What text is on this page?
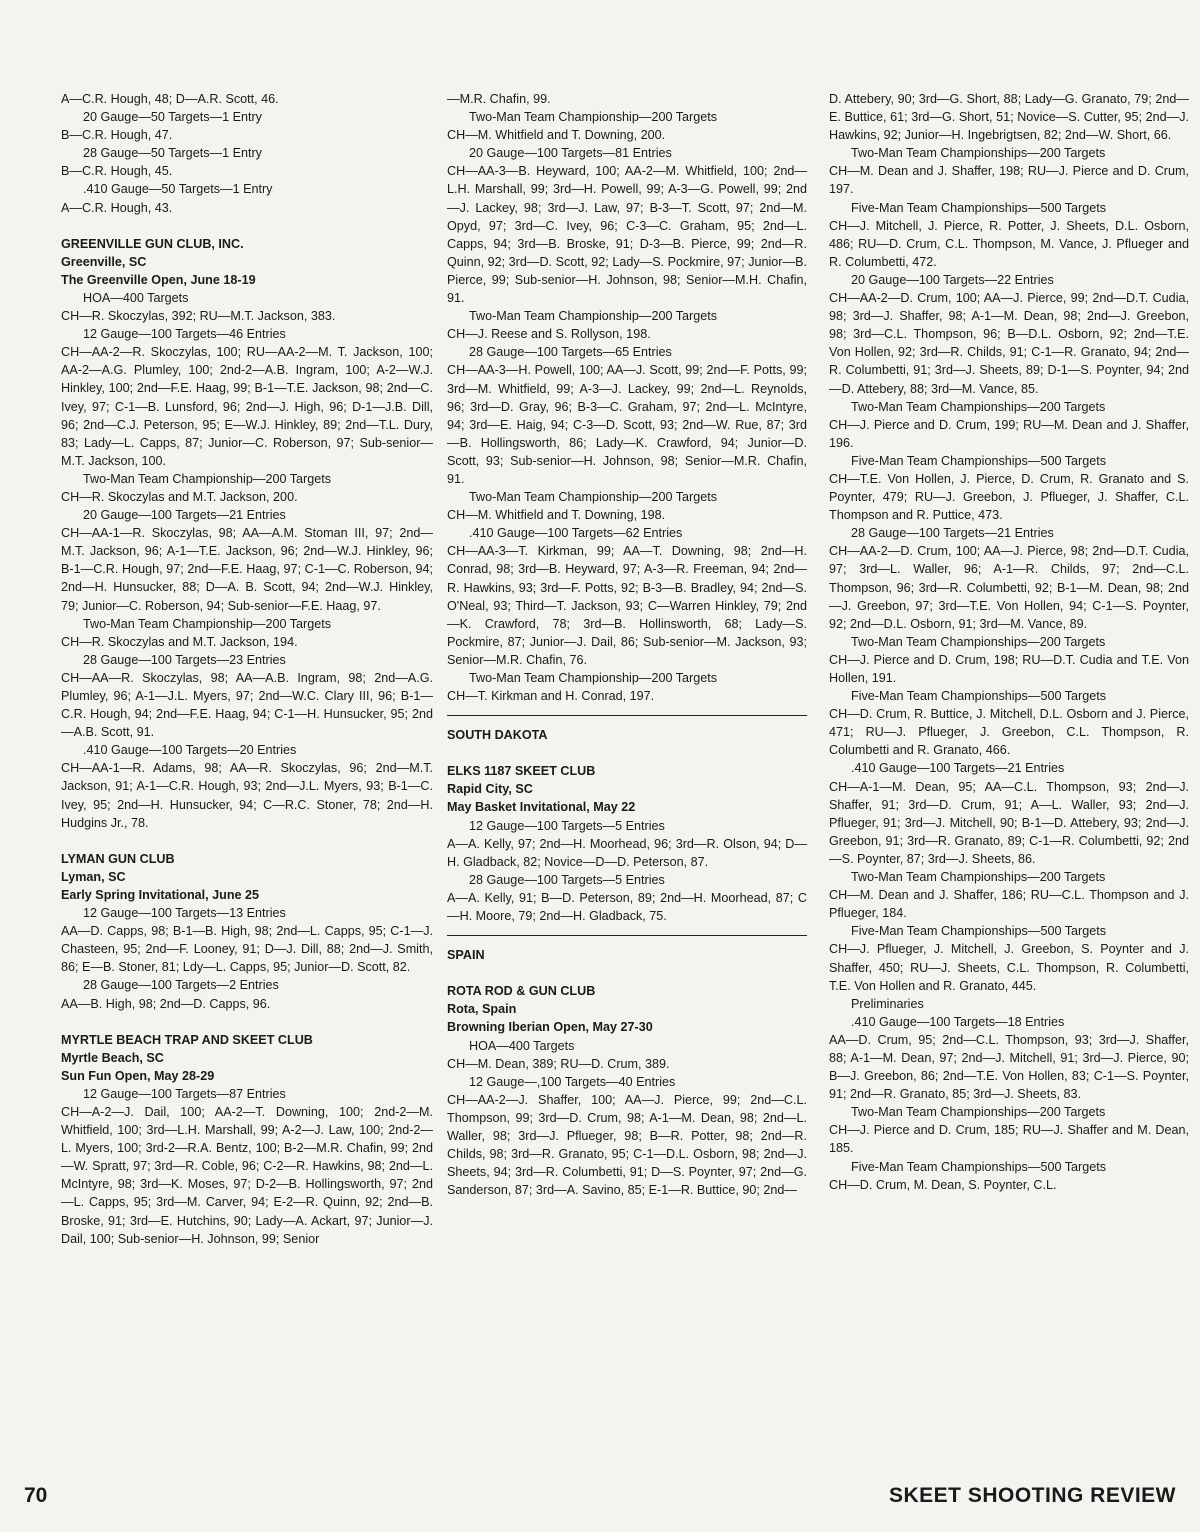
A—C.R. Hough, 48; D—A.R. Scott, 46.

20 Gauge—50 Targets—1 Entry

B—C.R. Hough, 47.

28 Gauge—50 Targets—1 Entry

B—C.R. Hough, 45.

.410 Gauge—50 Targets—1 Entry

A—C.R. Hough, 43.

GREENVILLE GUN CLUB, INC.

Greenville, SC

The Greenville Open, June 18-19

HOA—400 Targets

CH—R. Skoczylas, 392; RU—M.T. Jackson, 383.

12 Gauge—100 Targets—46 Entries

CH—AA-2—R. Skoczylas, 100; RU—AA-2—M. T. Jackson, 100; AA-2—A.G. Plumley, 100; 2nd-2—A.B. Ingram, 100; A-2—W.J. Hinkley, 100; 2nd—F.E. Haag, 99; B-1—T.E. Jackson, 98; 2nd—C. Ivey, 97; C-1—B. Lunsford, 96; 2nd—J. High, 96; D-1—J.B. Dill, 96; 2nd—C.J. Peterson, 95; E—W.J. Hinkley, 89; 2nd—T.L. Dury, 83; Lady—L. Capps, 87; Junior—C. Roberson, 97; Sub-senior—M.T. Jackson, 100.

Two-Man Team Championship—200 Targets

CH—R. Skoczylas and M.T. Jackson, 200.

20 Gauge—100 Targets—21 Entries

CH—AA-1—R. Skoczylas, 98; AA—A.M. Stoman III, 97; 2nd—M.T. Jackson, 96; A-1—T.E. Jackson, 96; 2nd—W.J. Hinkley, 96; B-1—C.R. Hough, 97; 2nd—F.E. Haag, 97; C-1—C. Roberson, 94; 2nd—H. Hunsucker, 88; D—A. B. Scott, 94; 2nd—W.J. Hinkley, 79; Junior—C. Roberson, 94; Sub-senior—F.E. Haag, 97.

Two-Man Team Championship—200 Targets

CH—R. Skoczylas and M.T. Jackson, 194.

28 Gauge—100 Targets—23 Entries

CH—AA—R. Skoczylas, 98; AA—A.B. Ingram, 98; 2nd—A.G. Plumley, 96; A-1—J.L. Myers, 97; 2nd—W.C. Clary III, 96; B-1—C.R. Hough, 94; 2nd—F.E. Haag, 94; C-1—H. Hunsucker, 95; 2nd—A.B. Scott, 91.

.410 Gauge—100 Targets—20 Entries

CH—AA-1—R. Adams, 98; AA—R. Skoczylas, 96; 2nd—M.T. Jackson, 91; A-1—C.R. Hough, 93; 2nd—J.L. Myers, 93; B-1—C. Ivey, 95; 2nd—H. Hunsucker, 94; C—R.C. Stoner, 78; 2nd—H. Hudgins Jr., 78.

LYMAN GUN CLUB

Lyman, SC

Early Spring Invitational, June 25

12 Gauge—100 Targets—13 Entries

AA—D. Capps, 98; B-1—B. High, 98; 2nd—L. Capps, 95; C-1—J. Chasteen, 95; 2nd—F. Looney, 91; D—J. Dill, 88; 2nd—J. Smith, 86; E—B. Stoner, 81; Ldy—L. Capps, 95; Junior—D. Scott, 82.

28 Gauge—100 Targets—2 Entries

AA—B. High, 98; 2nd—D. Capps, 96.

MYRTLE BEACH TRAP AND SKEET CLUB

Myrtle Beach, SC

Sun Fun Open, May 28-29

12 Gauge—100 Targets—87 Entries

CH—A-2—J. Dail, 100; AA-2—T. Downing, 100; 2nd-2—M. Whitfield, 100; 3rd—L.H. Marshall, 99; A-2—J. Law, 100; 2nd-2—L. Myers, 100; 3rd-2—R.A. Bentz, 100; B-2—M.R. Chafin, 99; 2nd—W. Spratt, 97; 3rd—R. Coble, 96; C-2—R. Hawkins, 98; 2nd—L. McIntyre, 98; 3rd—K. Moses, 97; D-2—B. Hollingsworth, 97; 2nd—L. Capps, 95; 3rd—M. Carver, 94; E-2—R. Quinn, 92; 2nd—B. Broske, 91; 3rd—E. Hutchins, 90; Lady—A. Ackart, 97; Junior—J. Dail, 100; Sub-senior—H. Johnson, 99; Senior

—M.R. Chafin, 99.

Two-Man Team Championship—200 Targets

CH—M. Whitfield and T. Downing, 200.

20 Gauge—100 Targets—81 Entries

CH—AA-3—B. Heyward, 100; AA-2—M. Whitfield, 100; 2nd—L.H. Marshall, 99; 3rd—H. Powell, 99; A-3—G. Powell, 99; 2nd—J. Lackey, 98; 3rd—J. Law, 97; B-3—T. Scott, 97; 2nd—M. Opyd, 97; 3rd—C. Ivey, 96; C-3—C. Graham, 95; 2nd—L. Capps, 94; 3rd—B. Broske, 91; D-3—B. Pierce, 99; 2nd—R. Quinn, 92; 3rd—D. Scott, 92; Lady—S. Pockmire, 97; Junior—B. Pierce, 99; Sub-senior—H. Johnson, 98; Senior—M.H. Chafin, 91.

Two-Man Team Championship—200 Targets

CH—J. Reese and S. Rollyson, 198.

28 Gauge—100 Targets—65 Entries

CH—AA-3—H. Powell, 100; AA—J. Scott, 99; 2nd—F. Potts, 99; 3rd—M. Whitfield, 99; A-3—J. Lackey, 99; 2nd—L. Reynolds, 96; 3rd—D. Gray, 96; B-3—C. Graham, 97; 2nd—L. McIntyre, 94; 3rd—E. Haig, 94; C-3—D. Scott, 93; 2nd—W. Rue, 87; 3rd—B. Hollingsworth, 86; Lady—K. Crawford, 94; Junior—D. Scott, 93; Sub-senior—H. Johnson, 98; Senior—M.R. Chafin, 91.

Two-Man Team Championship—200 Targets

CH—M. Whitfield and T. Downing, 198.

.410 Gauge—100 Targets—62 Entries

CH—AA-3—T. Kirkman, 99; AA—T. Downing, 98; 2nd—H. Conrad, 98; 3rd—B. Heyward, 97; A-3—R. Freeman, 94; 2nd—R. Hawkins, 93; 3rd—F. Potts, 92; B-3—B. Bradley, 94; 2nd—S. O'Neal, 93; Third—T. Jackson, 93; C—Warren Hinkley, 79; 2nd—K. Crawford, 78; 3rd—B. Hollinsworth, 68; Lady—S. Pockmire, 87; Junior—J. Dail, 86; Sub-senior—M. Jackson, 93; Senior—M.R. Chafin, 76.

Two-Man Team Championship—200 Targets

CH—T. Kirkman and H. Conrad, 197.

SOUTH DAKOTA

ELKS 1187 SKEET CLUB

Rapid City, SC

May Basket Invitational, May 22

12 Gauge—100 Targets—5 Entries

A—A. Kelly, 97; 2nd—H. Moorhead, 96; 3rd—R. Olson, 94; D—H. Gladback, 82; Novice—D—D. Peterson, 87.

28 Gauge—100 Targets—5 Entries

A—A. Kelly, 91; B—D. Peterson, 89; 2nd—H. Moorhead, 87; C—H. Moore, 79; 2nd—H. Gladback, 75.

SPAIN

ROTA ROD & GUN CLUB

Rota, Spain

Browning Iberian Open, May 27-30

HOA—400 Targets

CH—M. Dean, 389; RU—D. Crum, 389.

12 Gauge—,100 Targets—40 Entries

CH—AA-2—J. Shaffer, 100; AA—J. Pierce, 99; 2nd—C.L. Thompson, 99; 3rd—D. Crum, 98; A-1—M. Dean, 98; 2nd—L. Waller, 98; 3rd—J. Pflueger, 98; B—R. Potter, 98; 2nd—R. Childs, 98; 3rd—R. Granato, 95; C-1—D.L. Osborn, 98; 2nd—J. Sheets, 94; 3rd—R. Columbetti, 91; D—S. Poynter, 97; 2nd—G. Sanderson, 87; 3rd—A. Savino, 85; E-1—R. Buttice, 90; 2nd—

D. Attebery, 90; 3rd—G. Short, 88; Lady—G. Granato, 79; 2nd—E. Buttice, 61; 3rd—G. Short, 51; Novice—S. Cutter, 95; 2nd—J. Hawkins, 92; Junior—H. Ingebrigtsen, 82; 2nd—W. Short, 66.

Two-Man Team Championships—200 Targets

CH—M. Dean and J. Shaffer, 198; RU—J. Pierce and D. Crum, 197.

Five-Man Team Championships—500 Targets

CH—J. Mitchell, J. Pierce, R. Potter, J. Sheets, D.L. Osborn, 486; RU—D. Crum, C.L. Thompson, M. Vance, J. Pflueger and R. Columbetti, 472.

20 Gauge—100 Targets—22 Entries

CH—AA-2—D. Crum, 100; AA—J. Pierce, 99; 2nd—D.T. Cudia, 98; 3rd—J. Shaffer, 98; A-1—M. Dean, 98; 2nd—J. Greebon, 98; 3rd—C.L. Thompson, 96; B—D.L. Osborn, 92; 2nd—T.E. Von Hollen, 92; 3rd—R. Childs, 91; C-1—R. Granato, 94; 2nd—R. Columbetti, 91; 3rd—J. Sheets, 89; D-1—S. Poynter, 94; 2nd—D. Attebery, 88; 3rd—M. Vance, 85.

Two-Man Team Championships—200 Targets

CH—J. Pierce and D. Crum, 199; RU—M. Dean and J. Shaffer, 196.

Five-Man Team Championships—500 Targets

CH—T.E. Von Hollen, J. Pierce, D. Crum, R. Granato and S. Poynter, 479; RU—J. Greebon, J. Pflueger, J. Shaffer, C.L. Thompson and R. Puttice, 473.

28 Gauge—100 Targets—21 Entries

CH—AA-2—D. Crum, 100; AA—J. Pierce, 98; 2nd—D.T. Cudia, 97; 3rd—L. Waller, 96; A-1—R. Childs, 97; 2nd—C.L. Thompson, 96; 3rd—R. Columbetti, 92; B-1—M. Dean, 98; 2nd—J. Greebon, 97; 3rd—T.E. Von Hollen, 94; C-1—S. Poynter, 92; 2nd—D.L. Osborn, 91; 3rd—M. Vance, 89.

Two-Man Team Championships—200 Targets

CH—J. Pierce and D. Crum, 198; RU—D.T. Cudia and T.E. Von Hollen, 191.

Five-Man Team Championships—500 Targets

CH—D. Crum, R. Buttice, J. Mitchell, D.L. Osborn and J. Pierce, 471; RU—J. Pflueger, J. Greebon, C.L. Thompson, R. Columbetti and R. Granato, 466.

.410 Gauge—100 Targets—21 Entries

CH—A-1—M. Dean, 95; AA—C.L. Thompson, 93; 2nd—J. Shaffer, 91; 3rd—D. Crum, 91; A—L. Waller, 93; 2nd—J. Pflueger, 91; 3rd—J. Mitchell, 90; B-1—D. Attebery, 93; 2nd—J. Greebon, 91; 3rd—R. Granato, 89; C-1—R. Columbetti, 92; 2nd—S. Poynter, 87; 3rd—J. Sheets, 86.

Two-Man Team Championships—200 Targets

CH—M. Dean and J. Shaffer, 186; RU—C.L. Thompson and J. Pflueger, 184.

Five-Man Team Championships—500 Targets

CH—J. Pflueger, J. Mitchell, J. Greebon, S. Poynter and J. Shaffer, 450; RU—J. Sheets, C.L. Thompson, R. Columbetti, T.E. Von Hollen and R. Granato, 445.

Preliminaries

.410 Gauge—100 Targets—18 Entries

AA—D. Crum, 95; 2nd—C.L. Thompson, 93; 3rd—J. Shaffer, 88; A-1—M. Dean, 97; 2nd—J. Mitchell, 91; 3rd—J. Pierce, 90; B—J. Greebon, 86; 2nd—T.E. Von Hollen, 83; C-1—S. Poynter, 91; 2nd—R. Granato, 85; 3rd—J. Sheets, 83.

Two-Man Team Championships—200 Targets

CH—J. Pierce and D. Crum, 185; RU—J. Shaffer and M. Dean, 185.

Five-Man Team Championships—500 Targets

CH—D. Crum, M. Dean, S. Poynter, C.L.

70	SKEET SHOOTING REVIEW
